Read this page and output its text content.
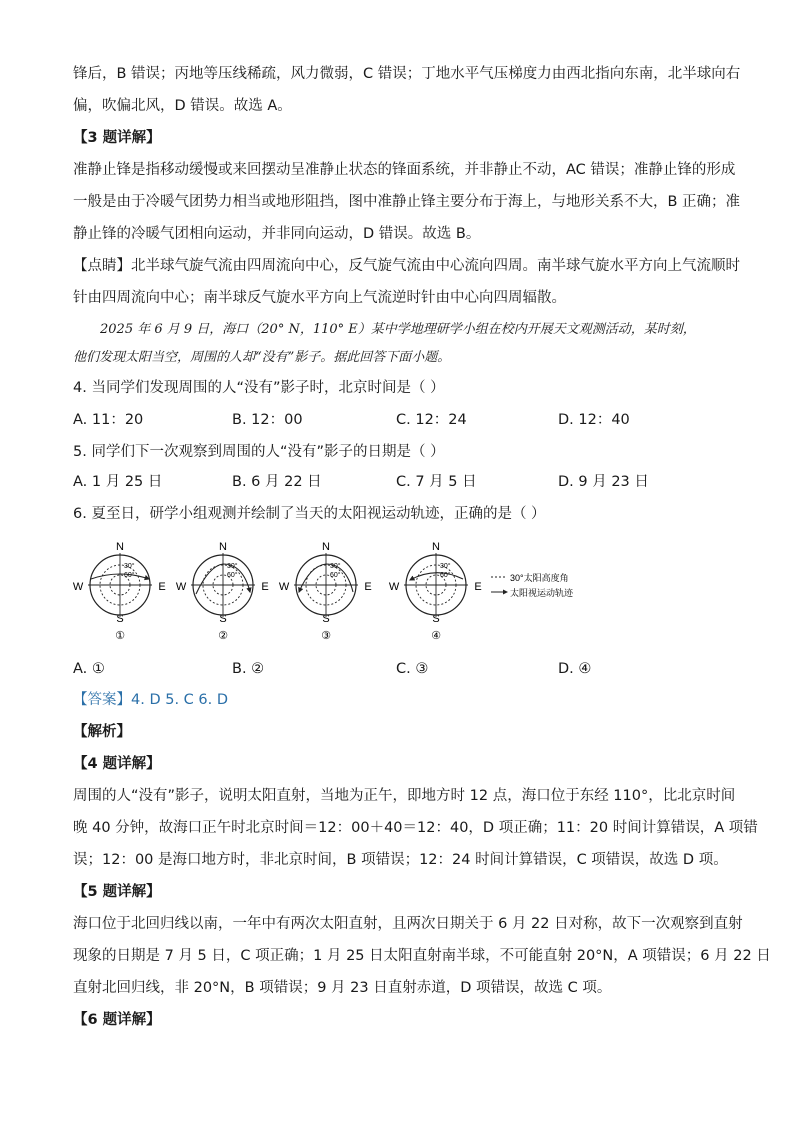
锋后，B 错误；丙地等压线稀疏，风力微弱，C 错误；丁地水平气压梯度力由西北指向东南，北半球向右

偏，吹偏北风，D 错误。故选 A。

【3 题详解】

准静止锋是指移动缓慢或来回摆动呈准静止状态的锋面系统，并非静止不动，AC 错误；准静止锋的形成

一般是由于冷暖气团势力相当或地形阻挡，图中准静止锋主要分布于海上，与地形关系不大，B 正确；准

静止锋的冷暖气团相向运动，并非同向运动，D 错误。故选 B。

【点睛】北半球气旋气流由四周流向中心，反气旋气流由中心流向四周。南半球气旋水平方向上气流顺时

针由四周流向中心；南半球反气旋水平方向上气流逆时针由中心向四周辐散。

2025 年 6 月 9 日，海口（20° N，110° E）某中学地理研学小组在校内开展天文观测活动，某时刻，

他们发现太阳当空，周围的人却“没有”影子。据此回答下面小题。

4. 当同学们发现周围的人“没有”影子时，北京时间是（ ）

A. 11：20	B. 12：00	C. 12：24	D. 12：40

5. 同学们下一次观察到周围的人“没有”影子的日期是（ ）

A. 1 月 25 日	B. 6 月 22 日	C. 7 月 5 日	D. 9 月 23 日

6. 夏至日，研学小组观测并绘制了当天的太阳视运动轨迹，正确的是（ ）

N
S
W	E
①
30°
60°
N
S
W	E
②
30°
60°
N
S
W	E
③
30°
60°
N
S
W	E
④
30°
60°	30°太阳高度角
太阳视运动轨迹

A. ①	B. ②	C. ③	D. ④

【答案】4. D 5. C 6. D

【解析】

【4 题详解】

周围的人“没有”影子，说明太阳直射，当地为正午，即地方时 12 点，海口位于东经 110°，比北京时间

晚 40 分钟，故海口正午时北京时间＝12：00＋40＝12：40，D 项正确；11：20 时间计算错误，A 项错

误；12：00 是海口地方时，非北京时间，B 项错误；12：24 时间计算错误，C 项错误，故选 D 项。

【5 题详解】

海口位于北回归线以南，一年中有两次太阳直射，且两次日期关于 6 月 22 日对称，故下一次观察到直射

现象的日期是 7 月 5 日，C 项正确；1 月 25 日太阳直射南半球，不可能直射 20°N，A 项错误；6 月 22 日

直射北回归线，非 20°N，B 项错误；9 月 23 日直射赤道，D 项错误，故选 C 项。

【6 题详解】
